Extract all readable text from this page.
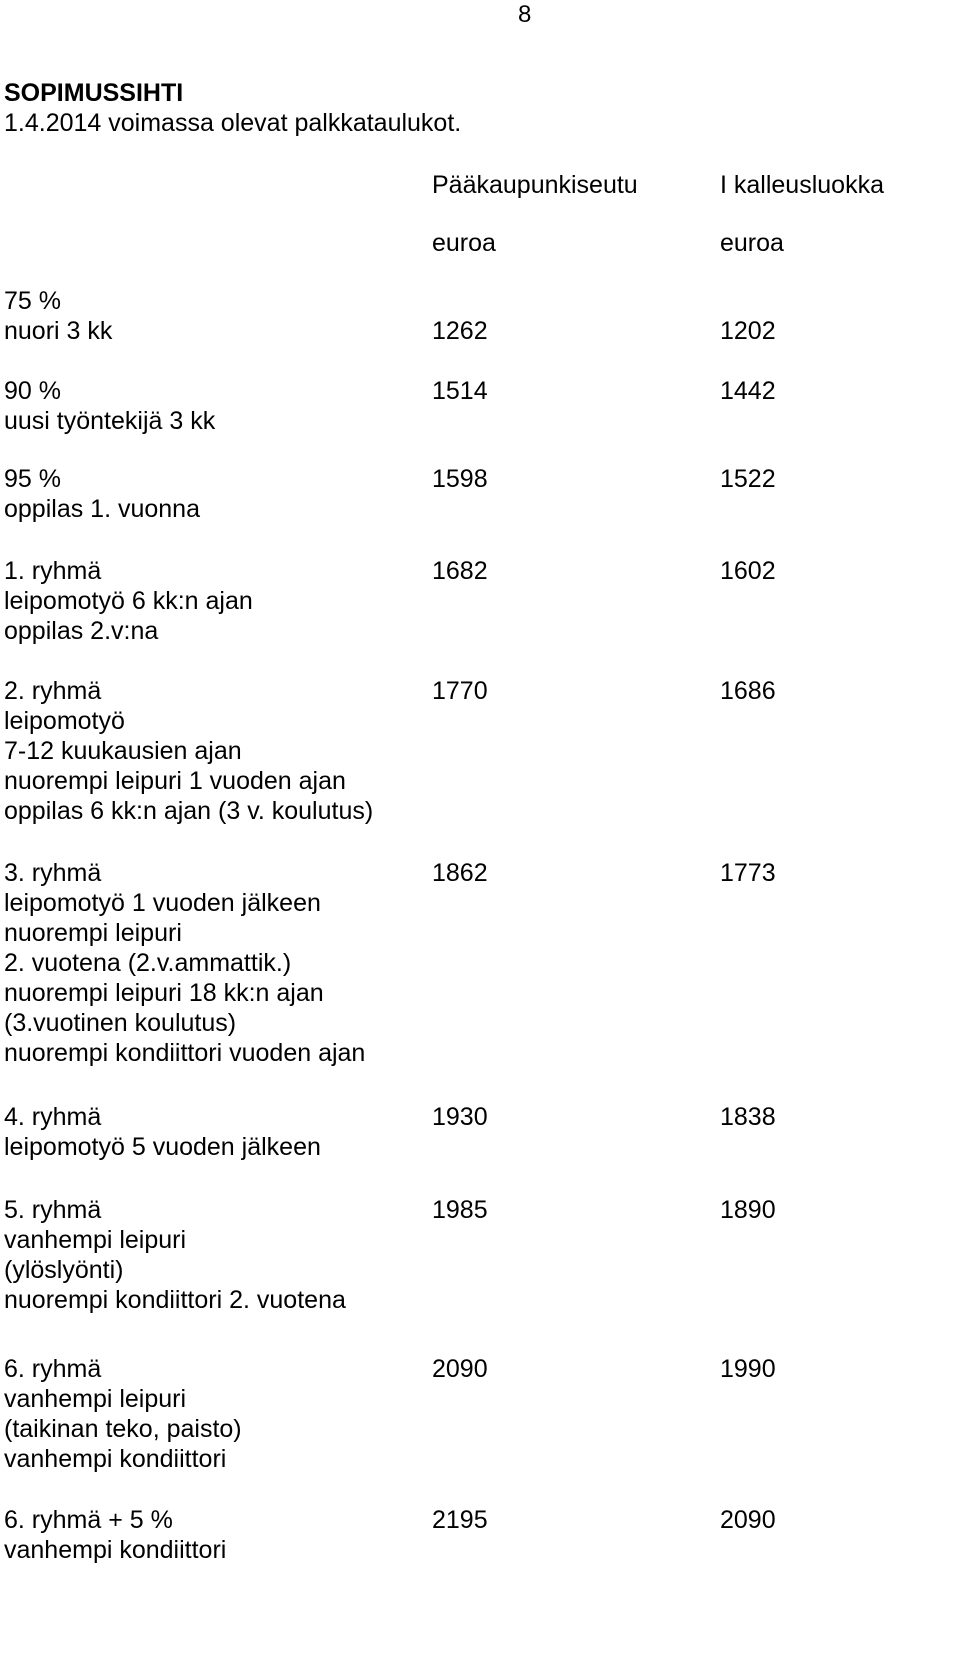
8
SOPIMUSSIHTI
1.4.2014 voimassa olevat palkkataulukot.
Pääkaupunkiseutu	I kalleusluokka
euroa	euroa
75 %
nuori 3 kk	1262	1202
90 %
uusi työntekijä 3 kk
1514	1442
95 %
oppilas 1. vuonna
1598	1522
1. ryhmä
leipomotyö 6 kk:n ajan
oppilas 2.v:na
1682	1602
2. ryhmä
leipomotyö
7-12 kuukausien ajan
nuorempi leipuri 1 vuoden ajan
oppilas 6 kk:n ajan (3 v. koulutus)
1770	1686
3. ryhmä
leipomotyö 1 vuoden jälkeen
nuorempi leipuri
2. vuotena (2.v.ammattik.)
nuorempi leipuri 18 kk:n ajan
(3.vuotinen koulutus)
nuorempi kondiittori vuoden ajan
1862	1773
4. ryhmä
leipomotyö 5 vuoden jälkeen
1930	1838
5. ryhmä
vanhempi leipuri
(ylöslyönti)
nuorempi kondiittori 2. vuotena
1985	1890
6. ryhmä
vanhempi leipuri
(taikinan teko, paisto)
vanhempi kondiittori
2090	1990
6. ryhmä + 5 %
vanhempi kondiittori
2195	2090
